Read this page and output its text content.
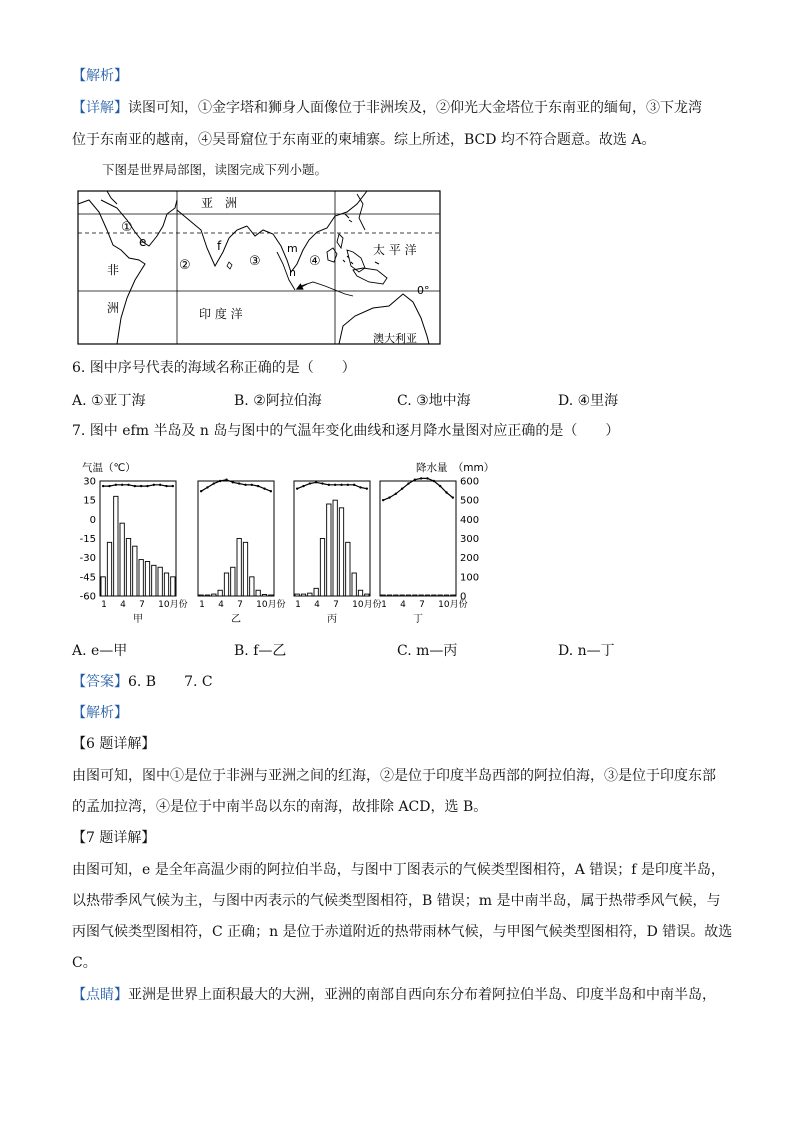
【解析】

【详解】读图可知，①金字塔和狮身人面像位于非洲埃及，②仰光大金塔位于东南亚的缅甸，③下龙湾

位于东南亚的越南，④吴哥窟位于东南亚的柬埔寨。综上所述，BCD 均不符合题意。故选 A。

下图是世界局部图，读图完成下列小题。

亚　洲
太 平 洋
非
洲	印 度 洋
澳大利亚
0°
①
②	③	④
e	f	m
n

6. 图中序号代表的海域名称正确的是（　　）

A. ①亚丁海	B. ②阿拉伯海	C. ③地中海	D. ④里海

7. 图中 efm 半岛及 n 岛与图中的气温年变化曲线和逐月降水量图对应正确的是（　　）

气温（℃）	降水量　（mm）
30
15
0
-15
-30
-45
-60
600
500
400
300
200
100
0
1 4 7 10月份
甲
1 4 7 10月份
乙
1 4 7 10月份
丙
1 4 7 10月份
丁
A. e—甲	B. f—乙	C. m—丙	D. n—丁

【答案】6. B　　7. C

【解析】

【6 题详解】

由图可知，图中①是位于非洲与亚洲之间的红海，②是位于印度半岛西部的阿拉伯海，③是位于印度东部

的孟加拉湾，④是位于中南半岛以东的南海，故排除 ACD，选 B。

【7 题详解】

由图可知，e 是全年高温少雨的阿拉伯半岛，与图中丁图表示的气候类型图相符，A 错误；f 是印度半岛，

以热带季风气候为主，与图中丙表示的气候类型图相符，B 错误；m 是中南半岛，属于热带季风气候，与

丙图气候类型图相符，C 正确；n 是位于赤道附近的热带雨林气候，与甲图气候类型图相符，D 错误。故选

C。

【点睛】亚洲是世界上面积最大的大洲，亚洲的南部自西向东分布着阿拉伯半岛、印度半岛和中南半岛，
